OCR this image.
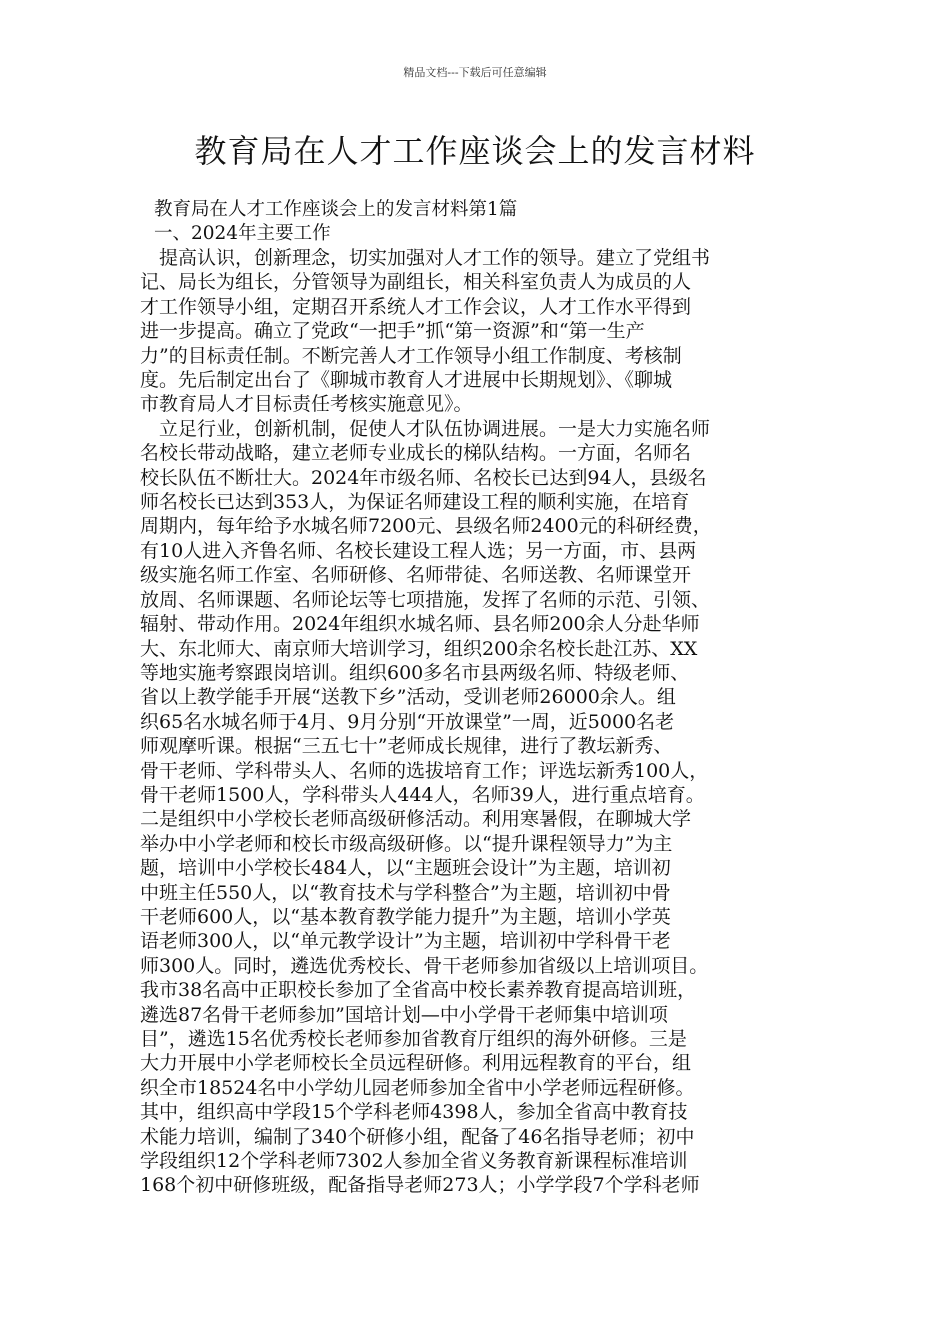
精品文档---下载后可任意编辑
教育局在人才工作座谈会上的发言材料

教育局在人才工作座谈会上的发言材料第1篇

一、2024年主要工作

　提高认识，创新理念，切实加强对人才工作的领导。建立了党组书
记、局长为组长，分管领导为副组长，相关科室负责人为成员的人
才工作领导小组，定期召开系统人才工作会议，人才工作水平得到
进一步提高。确立了党政“一把手”抓“第一资源”和“第一生产
力”的目标责任制。不断完善人才工作领导小组工作制度、考核制
度。先后制定出台了《聊城市教育人才进展中长期规划》、《聊城
市教育局人才目标责任考核实施意见》。

　立足行业，创新机制，促使人才队伍协调进展。一是大力实施名师
名校长带动战略，建立老师专业成长的梯队结构。一方面，名师名
校长队伍不断壮大。2024年市级名师、名校长已达到94人，县级名
师名校长已达到353人，为保证名师建设工程的顺利实施，在培育
周期内，每年给予水城名师7200元、县级名师2400元的科研经费，
有10人进入齐鲁名师、名校长建设工程人选；另一方面，市、县两
级实施名师工作室、名师研修、名师带徒、名师送教、名师课堂开
放周、名师课题、名师论坛等七项措施，发挥了名师的示范、引领、
辐射、带动作用。2024年组织水城名师、县名师200余人分赴华师
大、东北师大、南京师大培训学习，组织200余名校长赴江苏、XX
等地实施考察跟岗培训。组织600多名市县两级名师、特级老师、
省以上教学能手开展“送教下乡”活动，受训老师26000余人。组
织65名水城名师于4月、9月分别“开放课堂”一周，近5000名老
师观摩听课。根据“三五七十”老师成长规律，进行了教坛新秀、
骨干老师、学科带头人、名师的选拔培育工作；评选坛新秀100人，
骨干老师1500人，学科带头人444人，名师39人，进行重点培育。
二是组织中小学校长老师高级研修活动。利用寒暑假，在聊城大学
举办中小学老师和校长市级高级研修。以“提升课程领导力”为主
题，培训中小学校长484人，以“主题班会设计”为主题，培训初
中班主任550人，以“教育技术与学科整合”为主题，培训初中骨
干老师600人，以“基本教育教学能力提升”为主题，培训小学英
语老师300人，以“单元教学设计”为主题，培训初中学科骨干老
师300人。同时，遴选优秀校长、骨干老师参加省级以上培训项目。
我市38名高中正职校长参加了全省高中校长素养教育提高培训班，
遴选87名骨干老师参加”国培计划—中小学骨干老师集中培训项
目”，遴选15名优秀校长老师参加省教育厅组织的海外研修。三是
大力开展中小学老师校长全员远程研修。利用远程教育的平台，组
织全市18524名中小学幼儿园老师参加全省中小学老师远程研修。
其中，组织高中学段15个学科老师4398人，参加全省高中教育技
术能力培训，编制了340个研修小组，配备了46名指导老师；初中
学段组织12个学科老师7302人参加全省义务教育新课程标准培训
168个初中研修班级，配备指导老师273人；小学学段7个学科老师
